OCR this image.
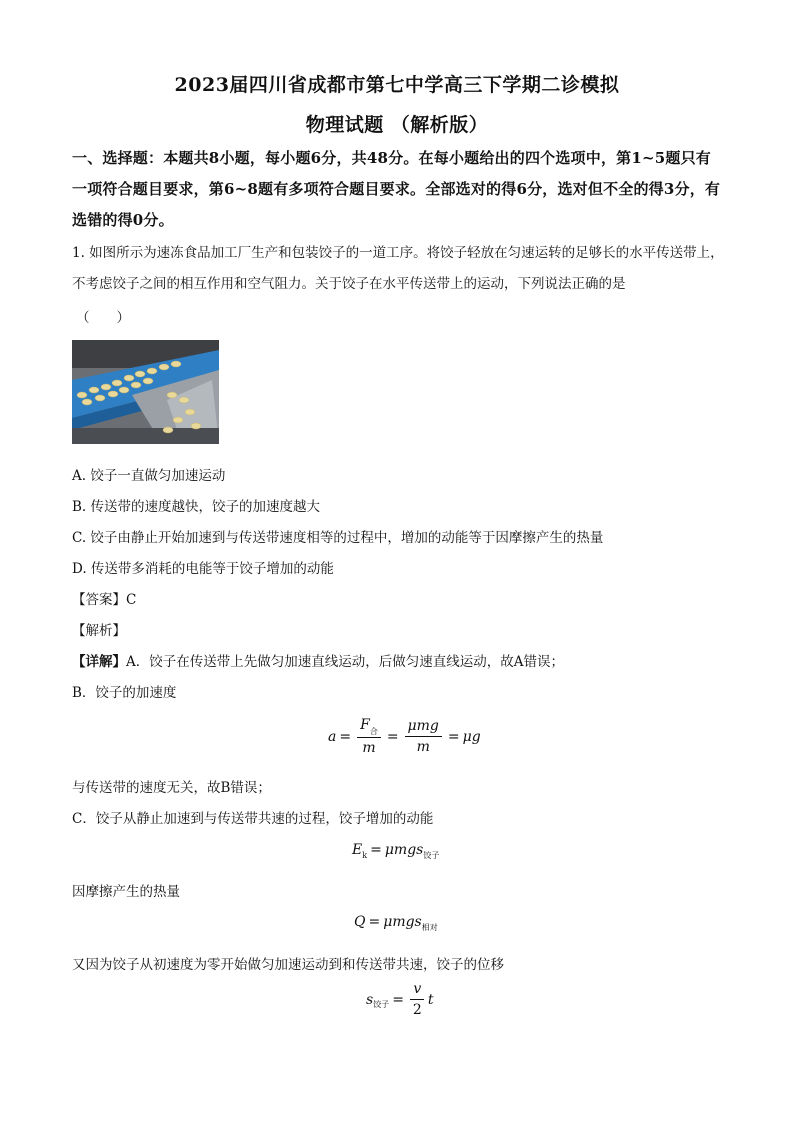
2023届四川省成都市第七中学高三下学期二诊模拟
物理试题 （解析版）
一、选择题：本题共8小题，每小题6分，共48分。在每小题给出的四个选项中，第1~5题只有一项符合题目要求，第6~8题有多项符合题目要求。全部选对的得6分，选对但不全的得3分，有选错的得0分。
1. 如图所示为速冻食品加工厂生产和包装饺子的一道工序。将饺子轻放在匀速运转的足够长的水平传送带上，不考虑饺子之间的相互作用和空气阻力。关于饺子在水平传送带上的运动，下列说法正确的是
（　　）
A. 饺子一直做匀加速运动
B. 传送带的速度越快，饺子的加速度越大
C. 饺子由静止开始加速到与传送带速度相等的过程中，增加的动能等于因摩擦产生的热量
D. 传送带多消耗的电能等于饺子增加的动能
【答案】C
【解析】
【详解】A．饺子在传送带上先做匀加速直线运动，后做匀速直线运动，故A错误；
B．饺子的加速度
$a = \frac{F_合}{m} = \frac{\text{μmg}}{m} = \mu g$
与传送带的速度无关，故B错误；
C．饺子从静止加速到与传送带共速的过程，饺子增加的动能
E k = μmgs 饺子
因摩擦产生的热量
Q = μmgs 相对
又因为饺子从初速度为零开始做匀加速运动到和传送带共速，饺子的位移
s 饺子 = $\frac{v}{2}$ t
